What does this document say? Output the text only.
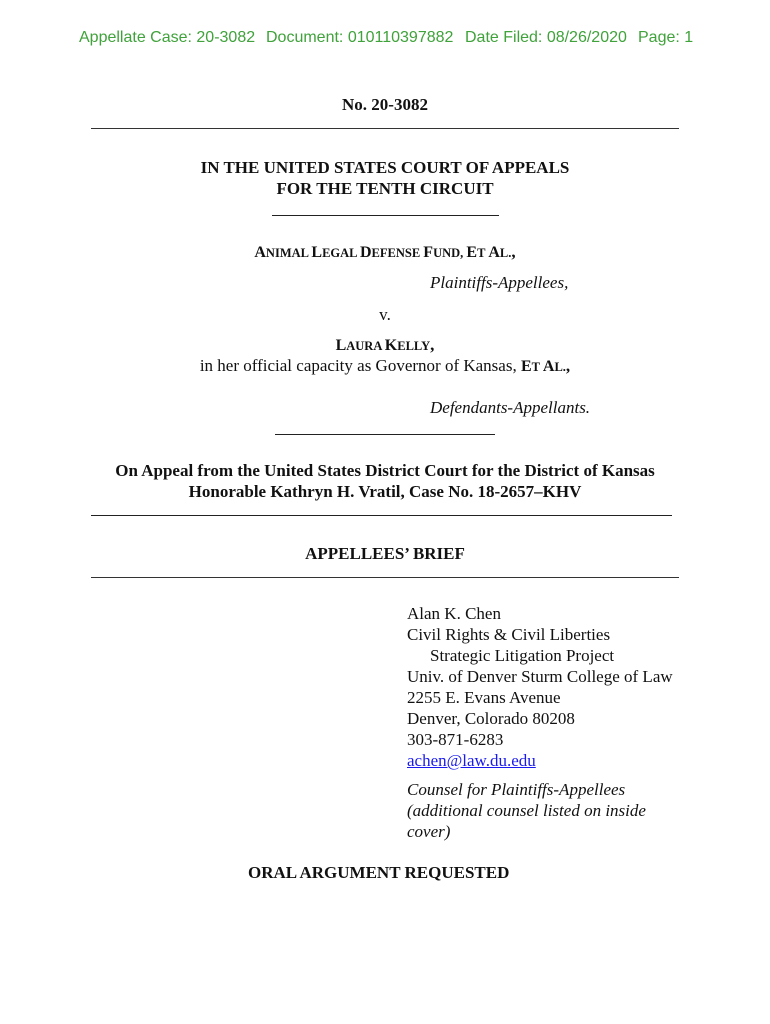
Appellate Case: 20-3082 Document: 010110397882 Date Filed: 08/26/2020 Page: 1
No. 20-3082
IN THE UNITED STATES COURT OF APPEALS
FOR THE TENTH CIRCUIT
ANIMAL LEGAL DEFENSE FUND, ET AL.,
Plaintiffs-Appellees,
v.
LAURA KELLY,
in her official capacity as Governor of Kansas, ET AL.,
Defendants-Appellants.
On Appeal from the United States District Court for the District of Kansas
Honorable Kathryn H. Vratil, Case No. 18-2657–KHV
APPELLEES’ BRIEF
Alan K. Chen
Civil Rights & Civil Liberties
Strategic Litigation Project
Univ. of Denver Sturm College of Law
2255 E. Evans Avenue
Denver, Colorado 80208
303-871-6283
achen@law.du.edu
Counsel for Plaintiffs-Appellees
(additional counsel listed on inside
cover)
ORAL ARGUMENT REQUESTED
